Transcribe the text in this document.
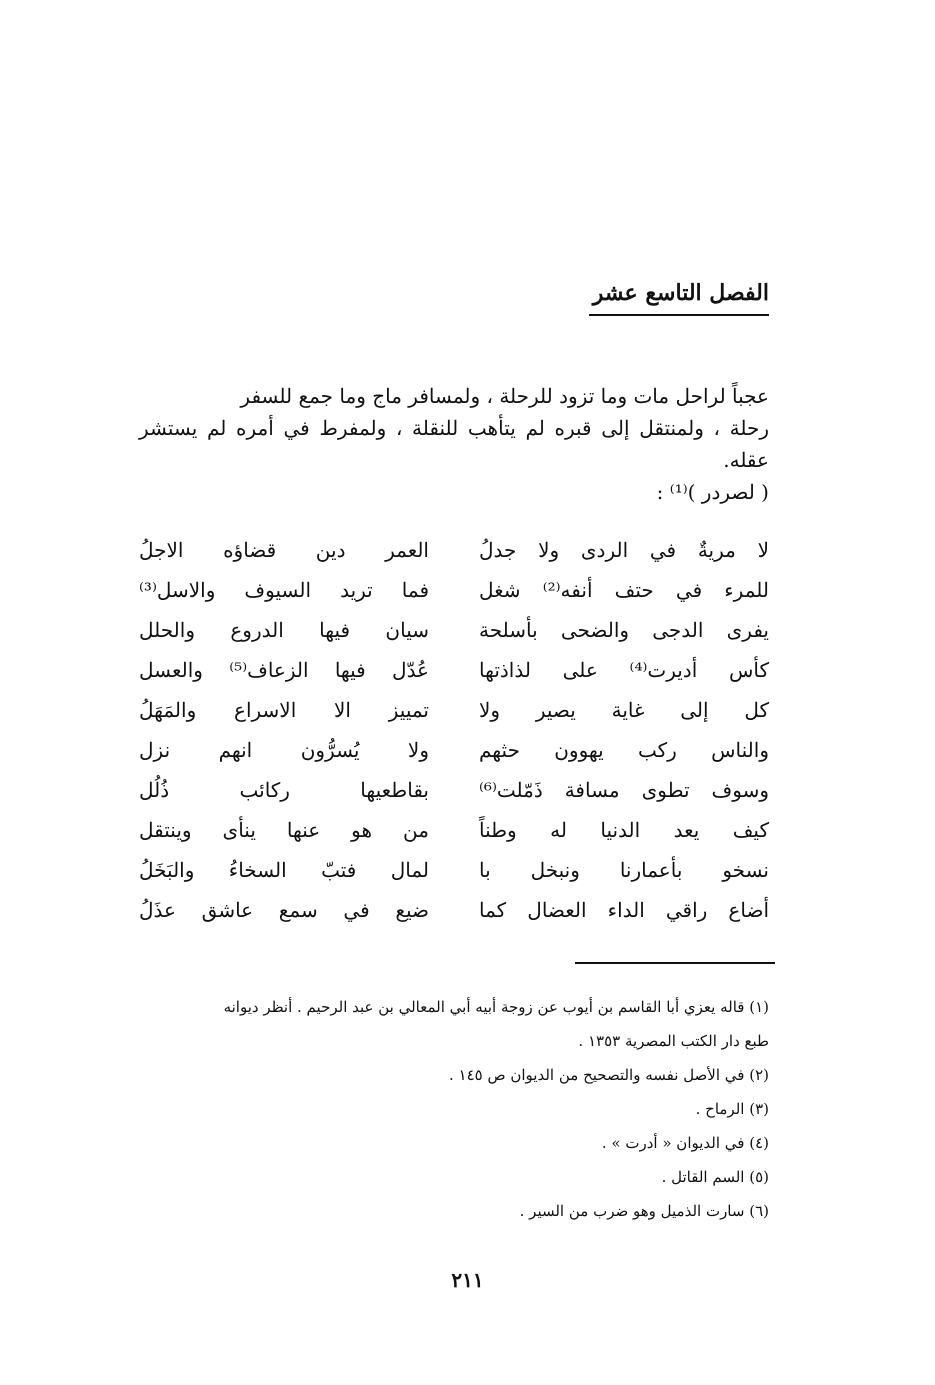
الفصل التاسع عشر

عجباً لراحل مات وما تزود للرحلة ، ولمسافر ماج وما جمع للسفر

رحلة ، ولمنتقل إلى قبره لم يتأهب للنقلة ، ولمفرط في أمره لم يستشر عقله.

( لصردر )⁽¹⁾ :
لا مريةٌ في الردى ولا جدلُ
العمر دين قضاؤه الاجلُ
للمرء في حتف أنفه⁽²⁾ شغل
فما تريد السيوف والاسل⁽³⁾
يفرى الدجى والضحى بأسلحة
سيان فيها الدروع والحلل
كأس أديرت⁽⁴⁾ على لذاذتها
عُدّل فيها الزعاف⁽⁵⁾ والعسل
كل إلى غاية يصير ولا
تمييز الا الاسراع والمَهَلُ
والناس ركب يهوون حثهم
ولا يُسرُّون انهم نزل
وسوف تطوى مسافة ذَمّلت⁽⁶⁾
بقاطعيها ركائب ذُلُل
كيف يعد الدنيا له وطناً
من هو عنها ينأى وينتقل
نسخو بأعمارنا ونبخل با
لمال فتبّ السخاءُ والبَخَلُ
أضاع راقي الداء العضال كما
ضيع في سمع عاشق عذَلُ

(١) قاله يعزي أبا القاسم بن أيوب عن زوجة أبيه أبي المعالي بن عبد الرحيم . أنظر ديوانه

طبع دار الكتب المصرية ١٣٥٣ .

(٢) في الأصل نفسه والتصحيح من الديوان ص ١٤٥ .

(٣) الرماح .

(٤) في الديوان « أدرت » .

(٥) السم القاتل .

(٦) سارت الذميل وهو ضرب من السير .

٢١١
